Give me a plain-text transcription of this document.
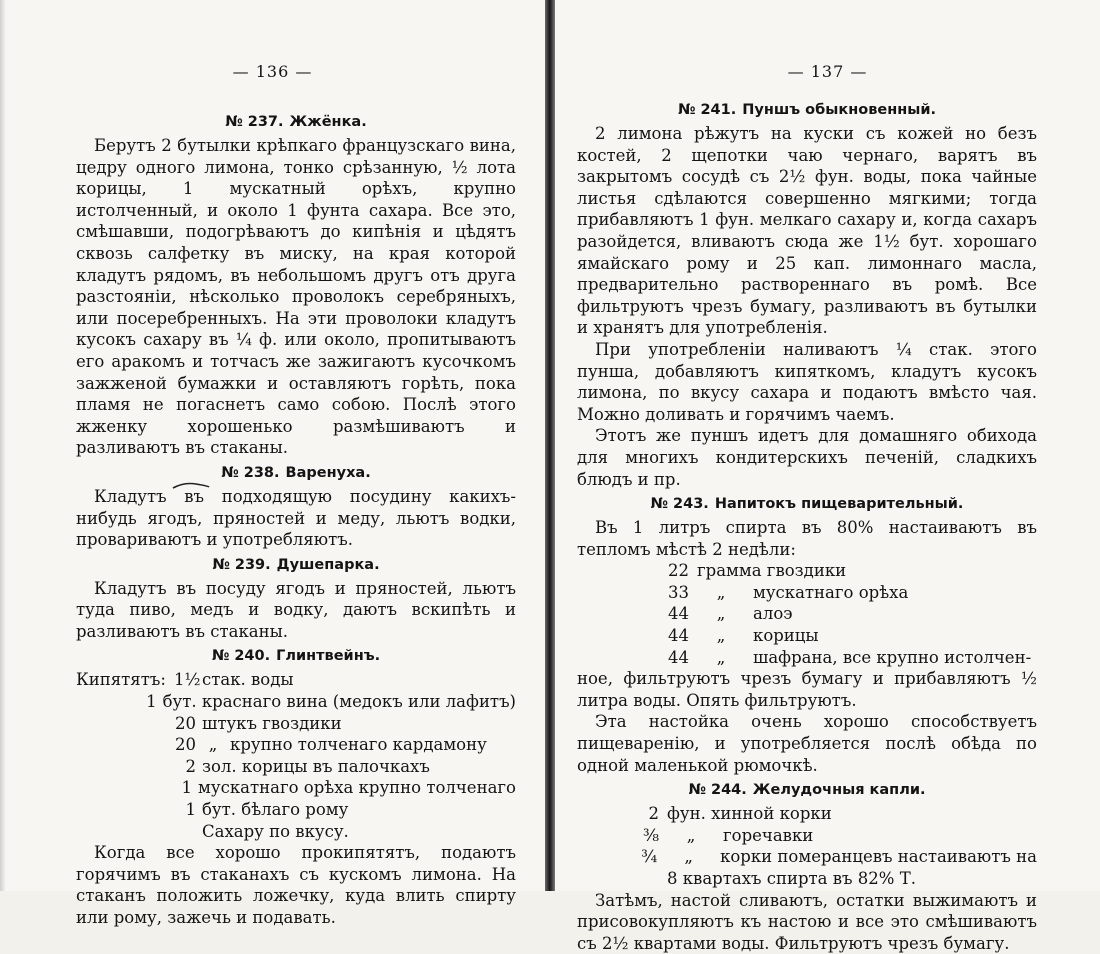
— 136 —
№ 237. Жжёнка.

Берутъ 2 бутылки крѣпкаго французскаго вина, цедру одного лимона, тонко срѣзанную, ½ лота корицы, 1 мускатный орѣхъ, крупно истолченный, и около 1 фунта сахара. Все это, смѣшавши, подогрѣваютъ до кипѣнія и цѣдятъ сквозь салфетку въ миску, на края которой кладутъ рядомъ, въ небольшомъ другъ отъ друга разстояніи, нѣсколько проволокъ серебряныхъ, или посеребренныхъ. На эти проволоки кладутъ кусокъ сахару въ ¼ ф. или около, пропитываютъ его аракомъ и тотчасъ же зажигаютъ кусочкомъ зажженой бумажки и оставляютъ горѣть, пока пламя не погаснетъ само собою. Послѣ этого жженку хорошенько размѣшиваютъ и разливаютъ въ стаканы.

№ 238. Варенуха.

Кладутъ въ подходящую посудину какихъ-нибудь ягодъ, пряностей и меду, льютъ водки, провариваютъ и употребляютъ.

№ 239. Душепарка.

Кладутъ въ посуду ягодъ и пряностей, льютъ туда пиво, медъ и водку, даютъ вскипѣть и разливаютъ въ стаканы.

№ 240. Глинтвейнъ.
Кипятятъ: 1½ стак. воды
1 бут. краснаго вина (медокъ или лафитъ)
20 штукъ гвоздики
20 „ крупно толченаго кардамону
2 зол. корицы въ палочкахъ
1 мускатнаго орѣха крупно толченаго
1 бут. бѣлаго рому
Сахару по вкусу.

Когда все хорошо прокипятятъ, подаютъ горячимъ въ стаканахъ съ кускомъ лимона. На стаканъ положить ложечку, куда влить спирту или рому, зажечь и подавать.

— 137 —
№ 241. Пуншъ обыкновенный.

2 лимона рѣжутъ на куски съ кожей но безъ костей, 2 щепотки чаю чернаго, варятъ въ закрытомъ сосудѣ съ 2½ фун. воды, пока чайные листья сдѣлаются совершенно мягкими; тогда прибавляютъ 1 фун. мелкаго сахару и, когда сахаръ разойдется, вливаютъ сюда же 1½ бут. хорошаго ямайскаго рому и 25 кап. лимоннаго масла, предварительно раствореннаго въ ромѣ. Все фильтруютъ чрезъ бумагу, разливаютъ въ бутылки и хранятъ для употребленія.

При употребленіи наливаютъ ¼ стак. этого пунша, добавляютъ кипяткомъ, кладутъ кусокъ лимона, по вкусу сахара и подаютъ вмѣсто чая. Можно доливать и горячимъ чаемъ.

Этотъ же пуншъ идетъ для домашняго обихода для многихъ кондитерскихъ печеній, сладкихъ блюдъ и пр.

№ 243. Напитокъ пищеварительный.

Въ 1 литръ спирта въ 80% настаиваютъ въ тепломъ мѣстѣ 2 недѣли:

22 грамма гвоздики
33	„	мускатнаго орѣха
44	„	алоэ
44	„	корицы
44	„	шафрана, все крупно истолчен-

ное, фильтруютъ чрезъ бумагу и прибавляютъ ½ литра воды. Опять фильтруютъ.

Эта настойка очень хорошо способствуетъ пищеваренію, и употребляется послѣ обѣда по одной маленькой рюмочкѣ.

№ 244. Желудочныя капли.
2 фун. хинной корки
⅜	„	горечавки
¾	„	корки померанцевъ настаиваютъ на
8 квартахъ спирта въ 82% Т.

Затѣмъ, настой сливаютъ, остатки выжимаютъ и присовокупляютъ къ настою и все это смѣшиваютъ съ 2½ квартами воды. Фильтруютъ чрезъ бумагу.
